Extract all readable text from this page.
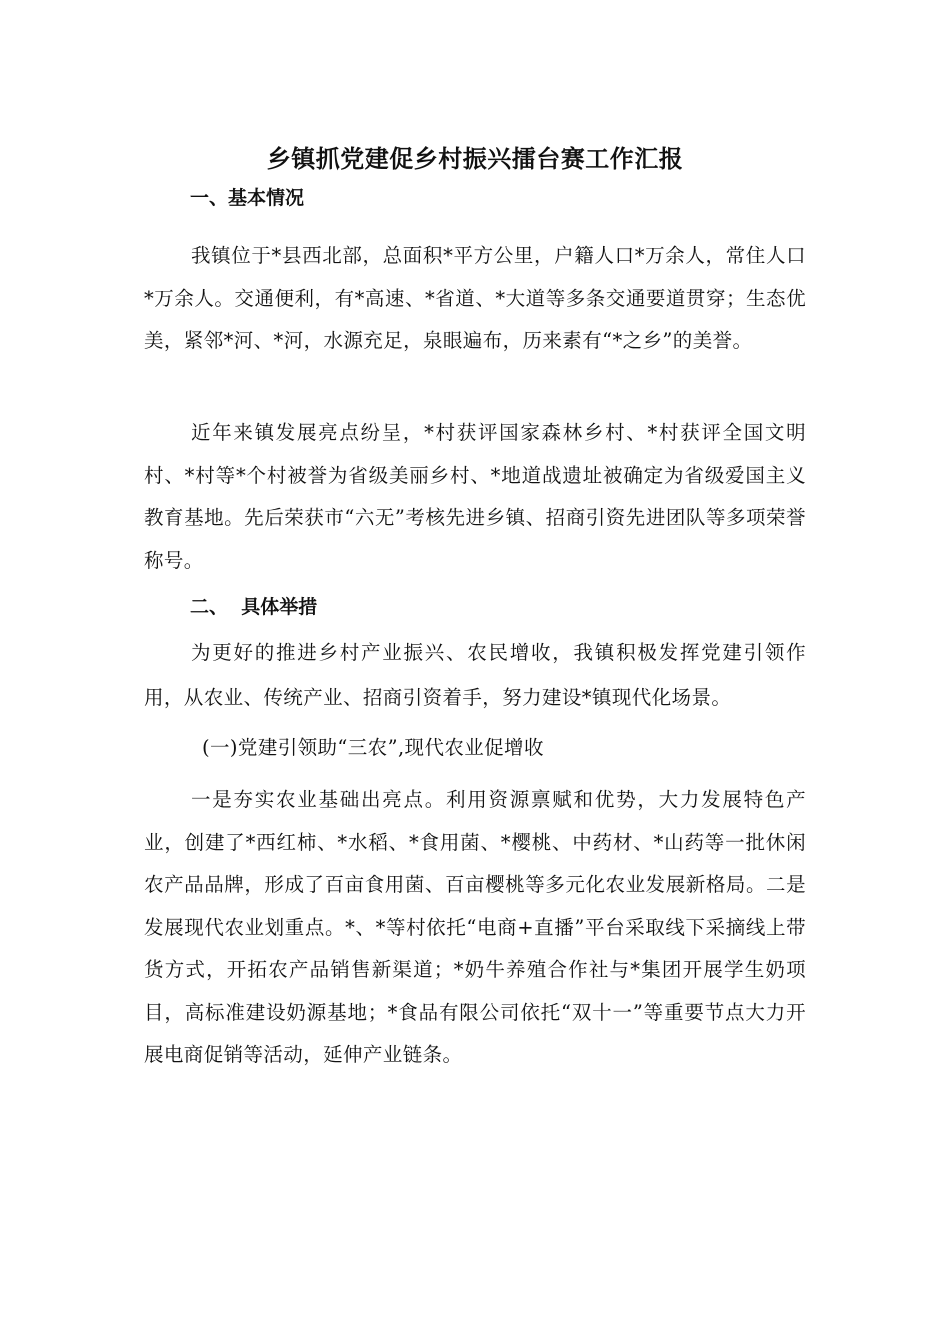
乡镇抓党建促乡村振兴擂台赛工作汇报
一、基本情况
我镇位于*县西北部，总面积*平方公里，户籍人口*万余人，常住人口*万余人。交通便利，有*高速、*省道、*大道等多条交通要道贯穿；生态优美，紧邻*河、*河，水源充足，泉眼遍布，历来素有“*之乡”的美誉。
近年来镇发展亮点纷呈，*村获评国家森林乡村、*村获评全国文明村、*村等*个村被誉为省级美丽乡村、*地道战遗址被确定为省级爱国主义教育基地。先后荣获市“六无”考核先进乡镇、招商引资先进团队等多项荣誉称号。
二、  具体举措
为更好的推进乡村产业振兴、农民增收，我镇积极发挥党建引领作用，从农业、传统产业、招商引资着手，努力建设*镇现代化场景。
(一)党建引领助“三农”,现代农业促增收
一是夯实农业基础出亮点。利用资源禀赋和优势，大力发展特色产业，创建了*西红柿、*水稻、*食用菌、*樱桃、中药材、*山药等一批休闲农产品品牌，形成了百亩食用菌、百亩樱桃等多元化农业发展新格局。二是发展现代农业划重点。*、*等村依托“电商+直播”平台采取线下采摘线上带货方式，开拓农产品销售新渠道；*奶牛养殖合作社与*集团开展学生奶项目，高标准建设奶源基地；*食品有限公司依托“双十一”等重要节点大力开展电商促销等活动，延伸产业链条。
